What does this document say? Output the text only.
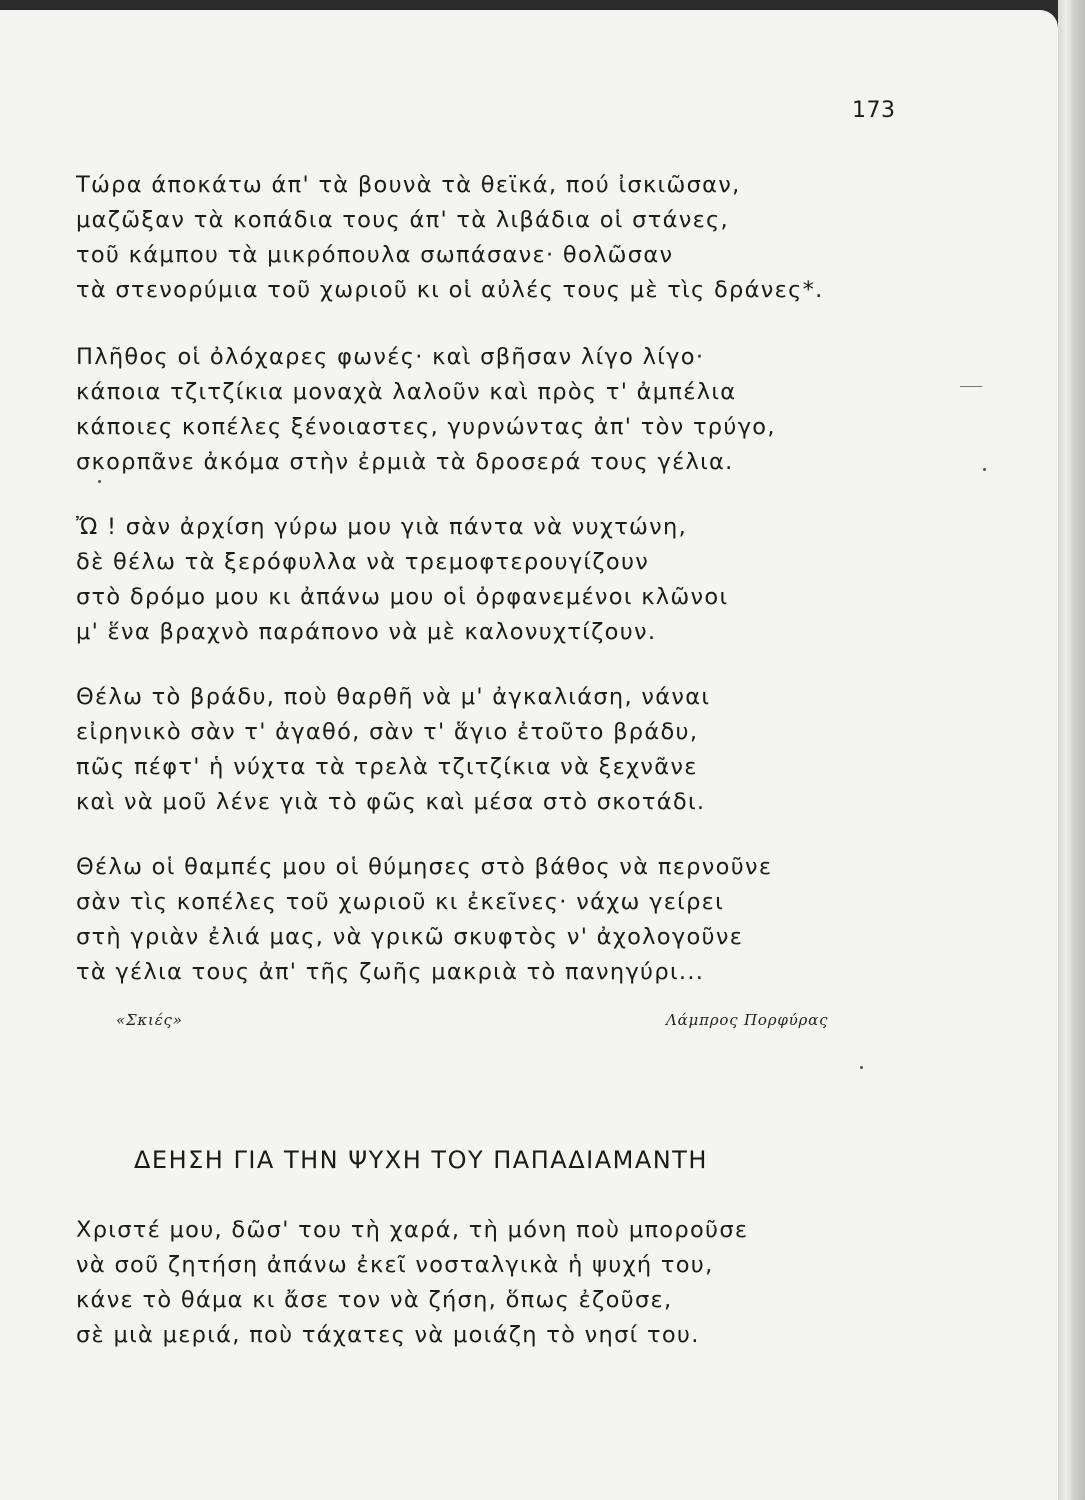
173
Τώρα άποκάτω άπ' τὰ βουνὰ τὰ θεϊκά, πού ἰσκιῶσαν,
μαζῶξαν τὰ κοπάδια τους άπ' τὰ λιβάδια οἱ στάνες,
τοῦ κάμπου τὰ μικρόπουλα σωπάσανε· θολῶσαν
τὰ στενορύμια τοῦ χωριοῦ κι οἱ αὐλές τους μὲ τὶς δράνες*.
Πλῆθος οἱ ὀλόχαρες φωνές· καὶ σβῆσαν λίγο λίγο·
κάποια τζιτζίκια μοναχὰ λαλοῦν καὶ πρὸς τ' ἀμπέλια
κάποιες κοπέλες ξένοιαστες, γυρνώντας ἀπ' τὸν τρύγο,
σκορπᾶνε ἀκόμα στὴν ἐρμιὰ τὰ δροσερά τους γέλια.
Ὤ ! σὰν ἀρχίση γύρω μου γιὰ πάντα νὰ νυχτώνη,
δὲ θέλω τὰ ξερόφυλλα νὰ τρεμοφτερουγίζουν
στὸ δρόμο μου κι ἀπάνω μου οἱ ὀρφανεμένοι κλῶνοι
μ' ἕνα βραχνὸ παράπονο νὰ μὲ καλονυχτίζουν.
Θέλω τὸ βράδυ, ποὺ θαρθῆ νὰ μ' ἀγκαλιάση, νάναι
εἰρηνικὸ σὰν τ' ἀγαθό, σὰν τ' ἅγιο ἐτοῦτο βράδυ,
πῶς πέφτ' ἡ νύχτα τὰ τρελὰ τζιτζίκια νὰ ξεχνᾶνε
καὶ νὰ μοῦ λένε γιὰ τὸ φῶς καὶ μέσα στὸ σκοτάδι.
Θέλω οἱ θαμπές μου οἱ θύμησες στὸ βάθος νὰ περνοῦνε
σὰν τὶς κοπέλες τοῦ χωριοῦ κι ἐκεῖνες· νάχω γείρει
στὴ γριὰν ἐλιά μας, νὰ γρικῶ σκυφτὸς ν' ἀχολογοῦνε
τὰ γέλια τους ἀπ' τῆς ζωῆς μακριὰ τὸ πανηγύρι...
«Σκιές»	Λάμπρος Πορφύρας
ΔΕΗΣΗ ΓΙΑ ΤΗΝ ΨΥΧΗ ΤΟΥ ΠΑΠΑΔΙΑΜΑΝΤΗ
Χριστέ μου, δῶσ' του τὴ χαρά, τὴ μόνη ποὺ μποροῦσε
νὰ σοῦ ζητήση ἀπάνω ἐκεῖ νοσταλγικὰ ἡ ψυχή του,
κάνε τὸ θάμα κι ἄσε τον νὰ ζήση, ὅπως ἐζοῦσε,
σὲ μιὰ μεριά, ποὺ τάχατες νὰ μοιάζη τὸ νησί του.
